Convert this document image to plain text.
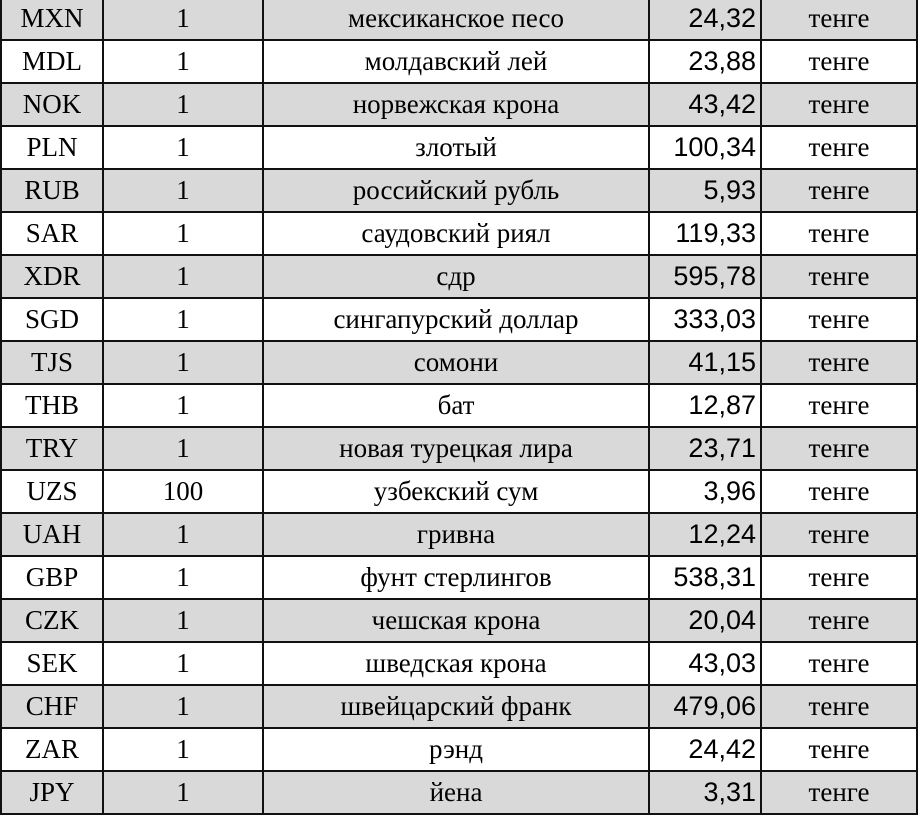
MXN	1	мексиканское песо	24,32	тенге
MDL	1	молдавский лей	23,88	тенге
NOK	1	норвежская крона	43,42	тенге
PLN	1	злотый	100,34	тенге
RUB	1	российский рубль	5,93	тенге
SAR	1	саудовский риял	119,33	тенге
XDR	1	сдр	595,78	тенге
SGD	1	сингапурский доллар	333,03	тенге
TJS	1	сомони	41,15	тенге
THB	1	бат	12,87	тенге
TRY	1	новая турецкая лира	23,71	тенге
UZS	100	узбекский сум	3,96	тенге
UAH	1	гривна	12,24	тенге
GBP	1	фунт стерлингов	538,31	тенге
CZK	1	чешская крона	20,04	тенге
SEK	1	шведская крона	43,03	тенге
CHF	1	швейцарский франк	479,06	тенге
ZAR	1	рэнд	24,42	тенге
JPY	1	йена	3,31	тенге
